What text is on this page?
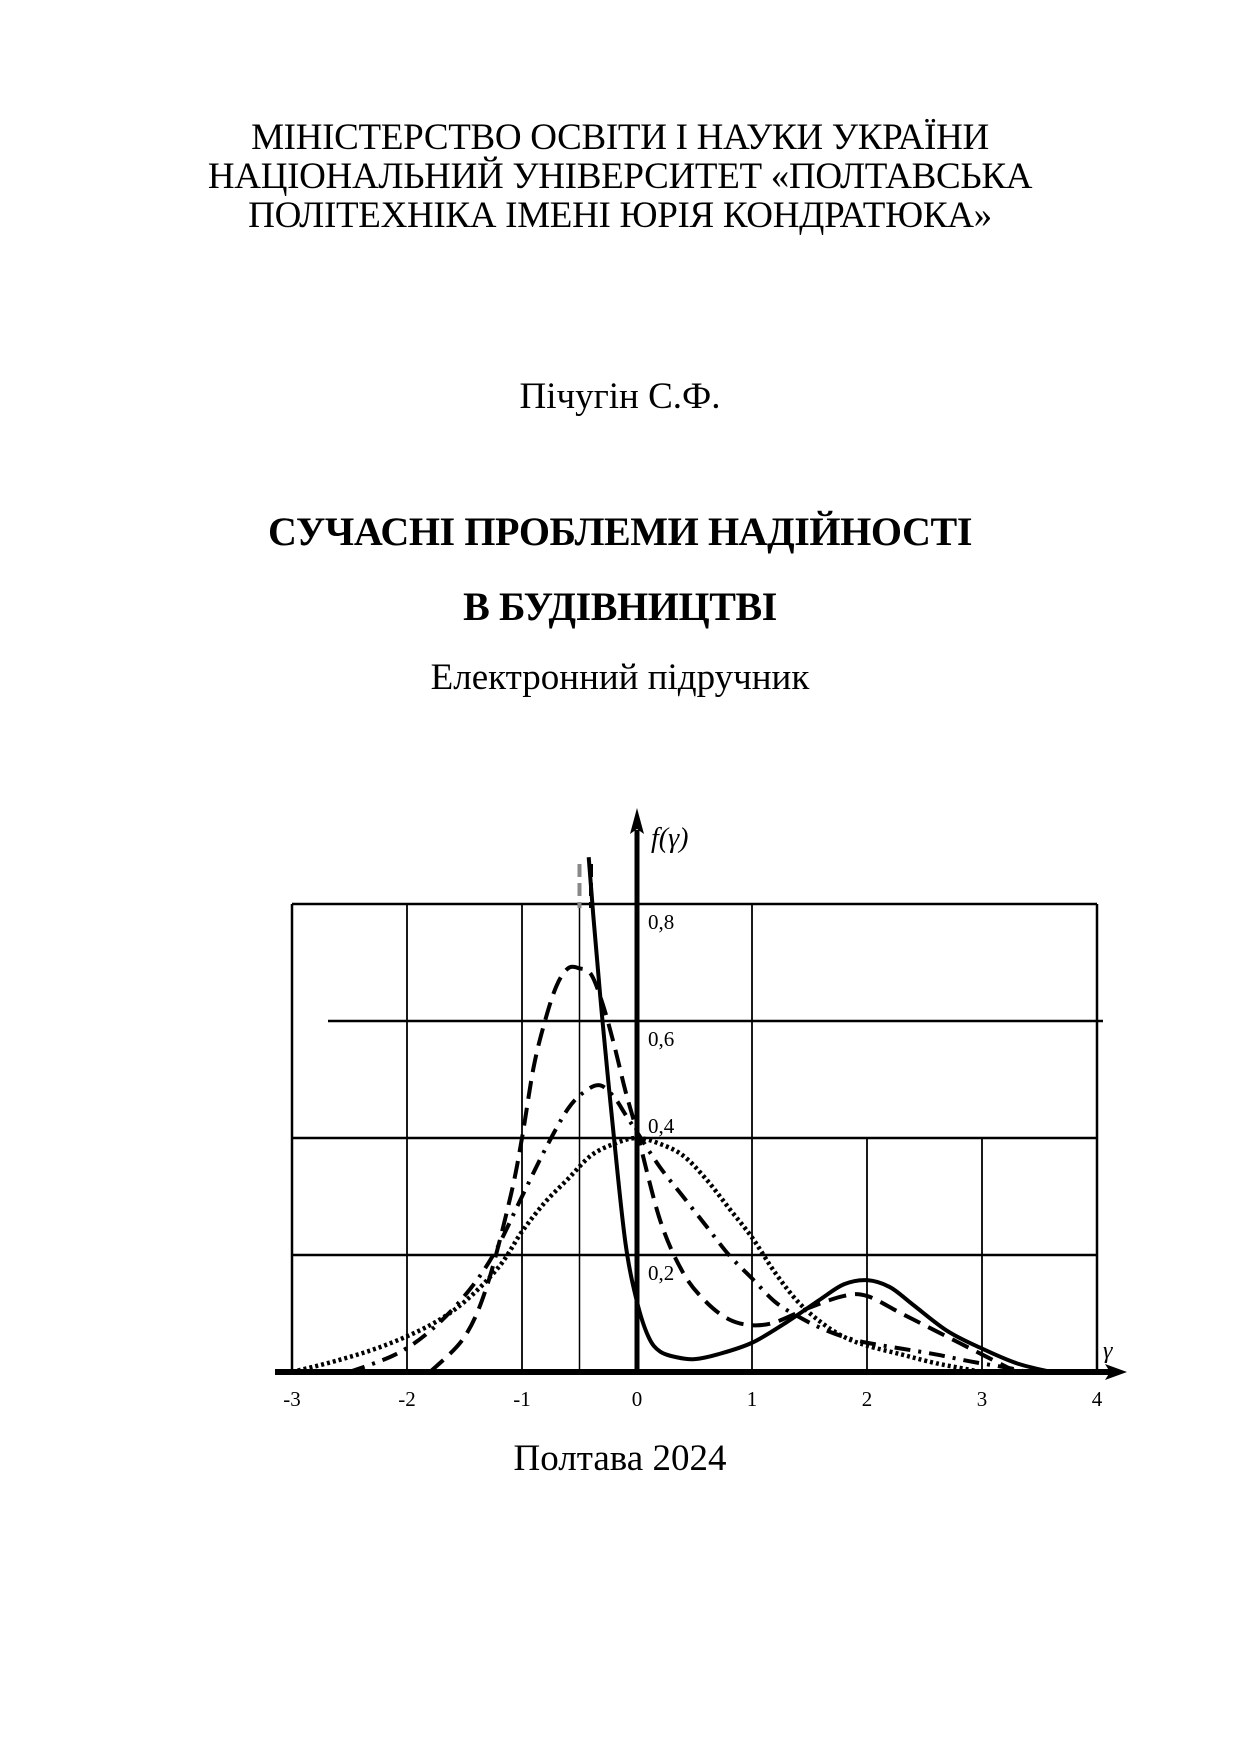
МІНІСТЕРСТВО ОСВІТИ І НАУКИ УКРАЇНИ
НАЦІОНАЛЬНИЙ УНІВЕРСИТЕТ «ПОЛТАВСЬКА
ПОЛІТЕХНІКА ІМЕНІ ЮРІЯ КОНДРАТЮКА»
Пічугін С.Ф.
СУЧАСНІ ПРОБЛЕМИ НАДІЙНОСТІ
В БУДІВНИЦТВІ
Електронний підручник
-3	-2	-1	0	1	2	3	4
0,2
0,4
0,6
0,8
f(γ)
γ
Полтава 2024
